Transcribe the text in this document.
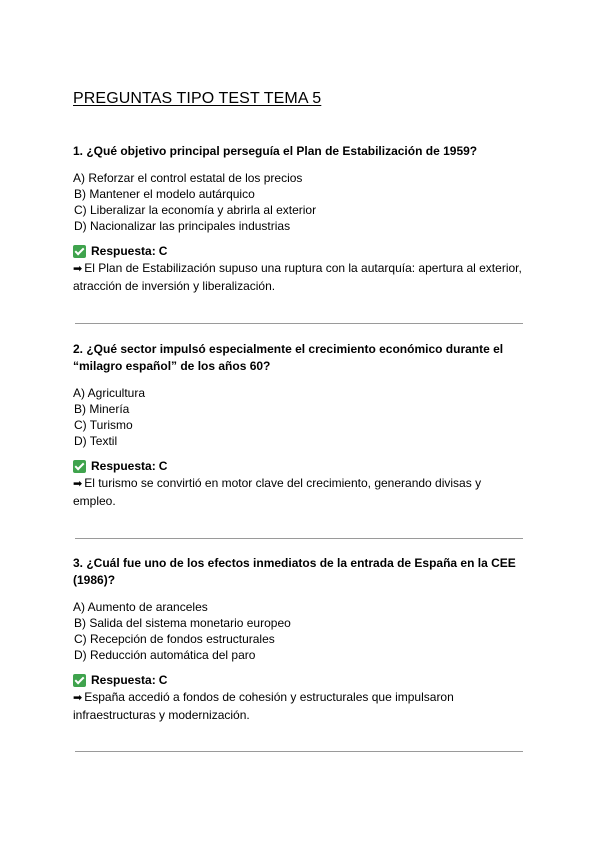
PREGUNTAS TIPO TEST TEMA 5

1. ¿Qué objetivo principal perseguía el Plan de Estabilización de 1959?

A) Reforzar el control estatal de los precios
B) Mantener el modelo autárquico
C) Liberalizar la economía y abrirla al exterior
D) Nacionalizar las principales industrias
Respuesta: C
➡ El Plan de Estabilización supuso una ruptura con la autarquía: apertura al exterior, atracción de inversión y liberalización.

2. ¿Qué sector impulsó especialmente el crecimiento económico durante el “milagro español” de los años 60?

A) Agricultura
B) Minería
C) Turismo
D) Textil
Respuesta: C
➡ El turismo se convirtió en motor clave del crecimiento, generando divisas y empleo.

3. ¿Cuál fue uno de los efectos inmediatos de la entrada de España en la CEE (1986)?

A) Aumento de aranceles
B) Salida del sistema monetario europeo
C) Recepción de fondos estructurales
D) Reducción automática del paro
Respuesta: C
➡ España accedió a fondos de cohesión y estructurales que impulsaron infraestructuras y modernización.
